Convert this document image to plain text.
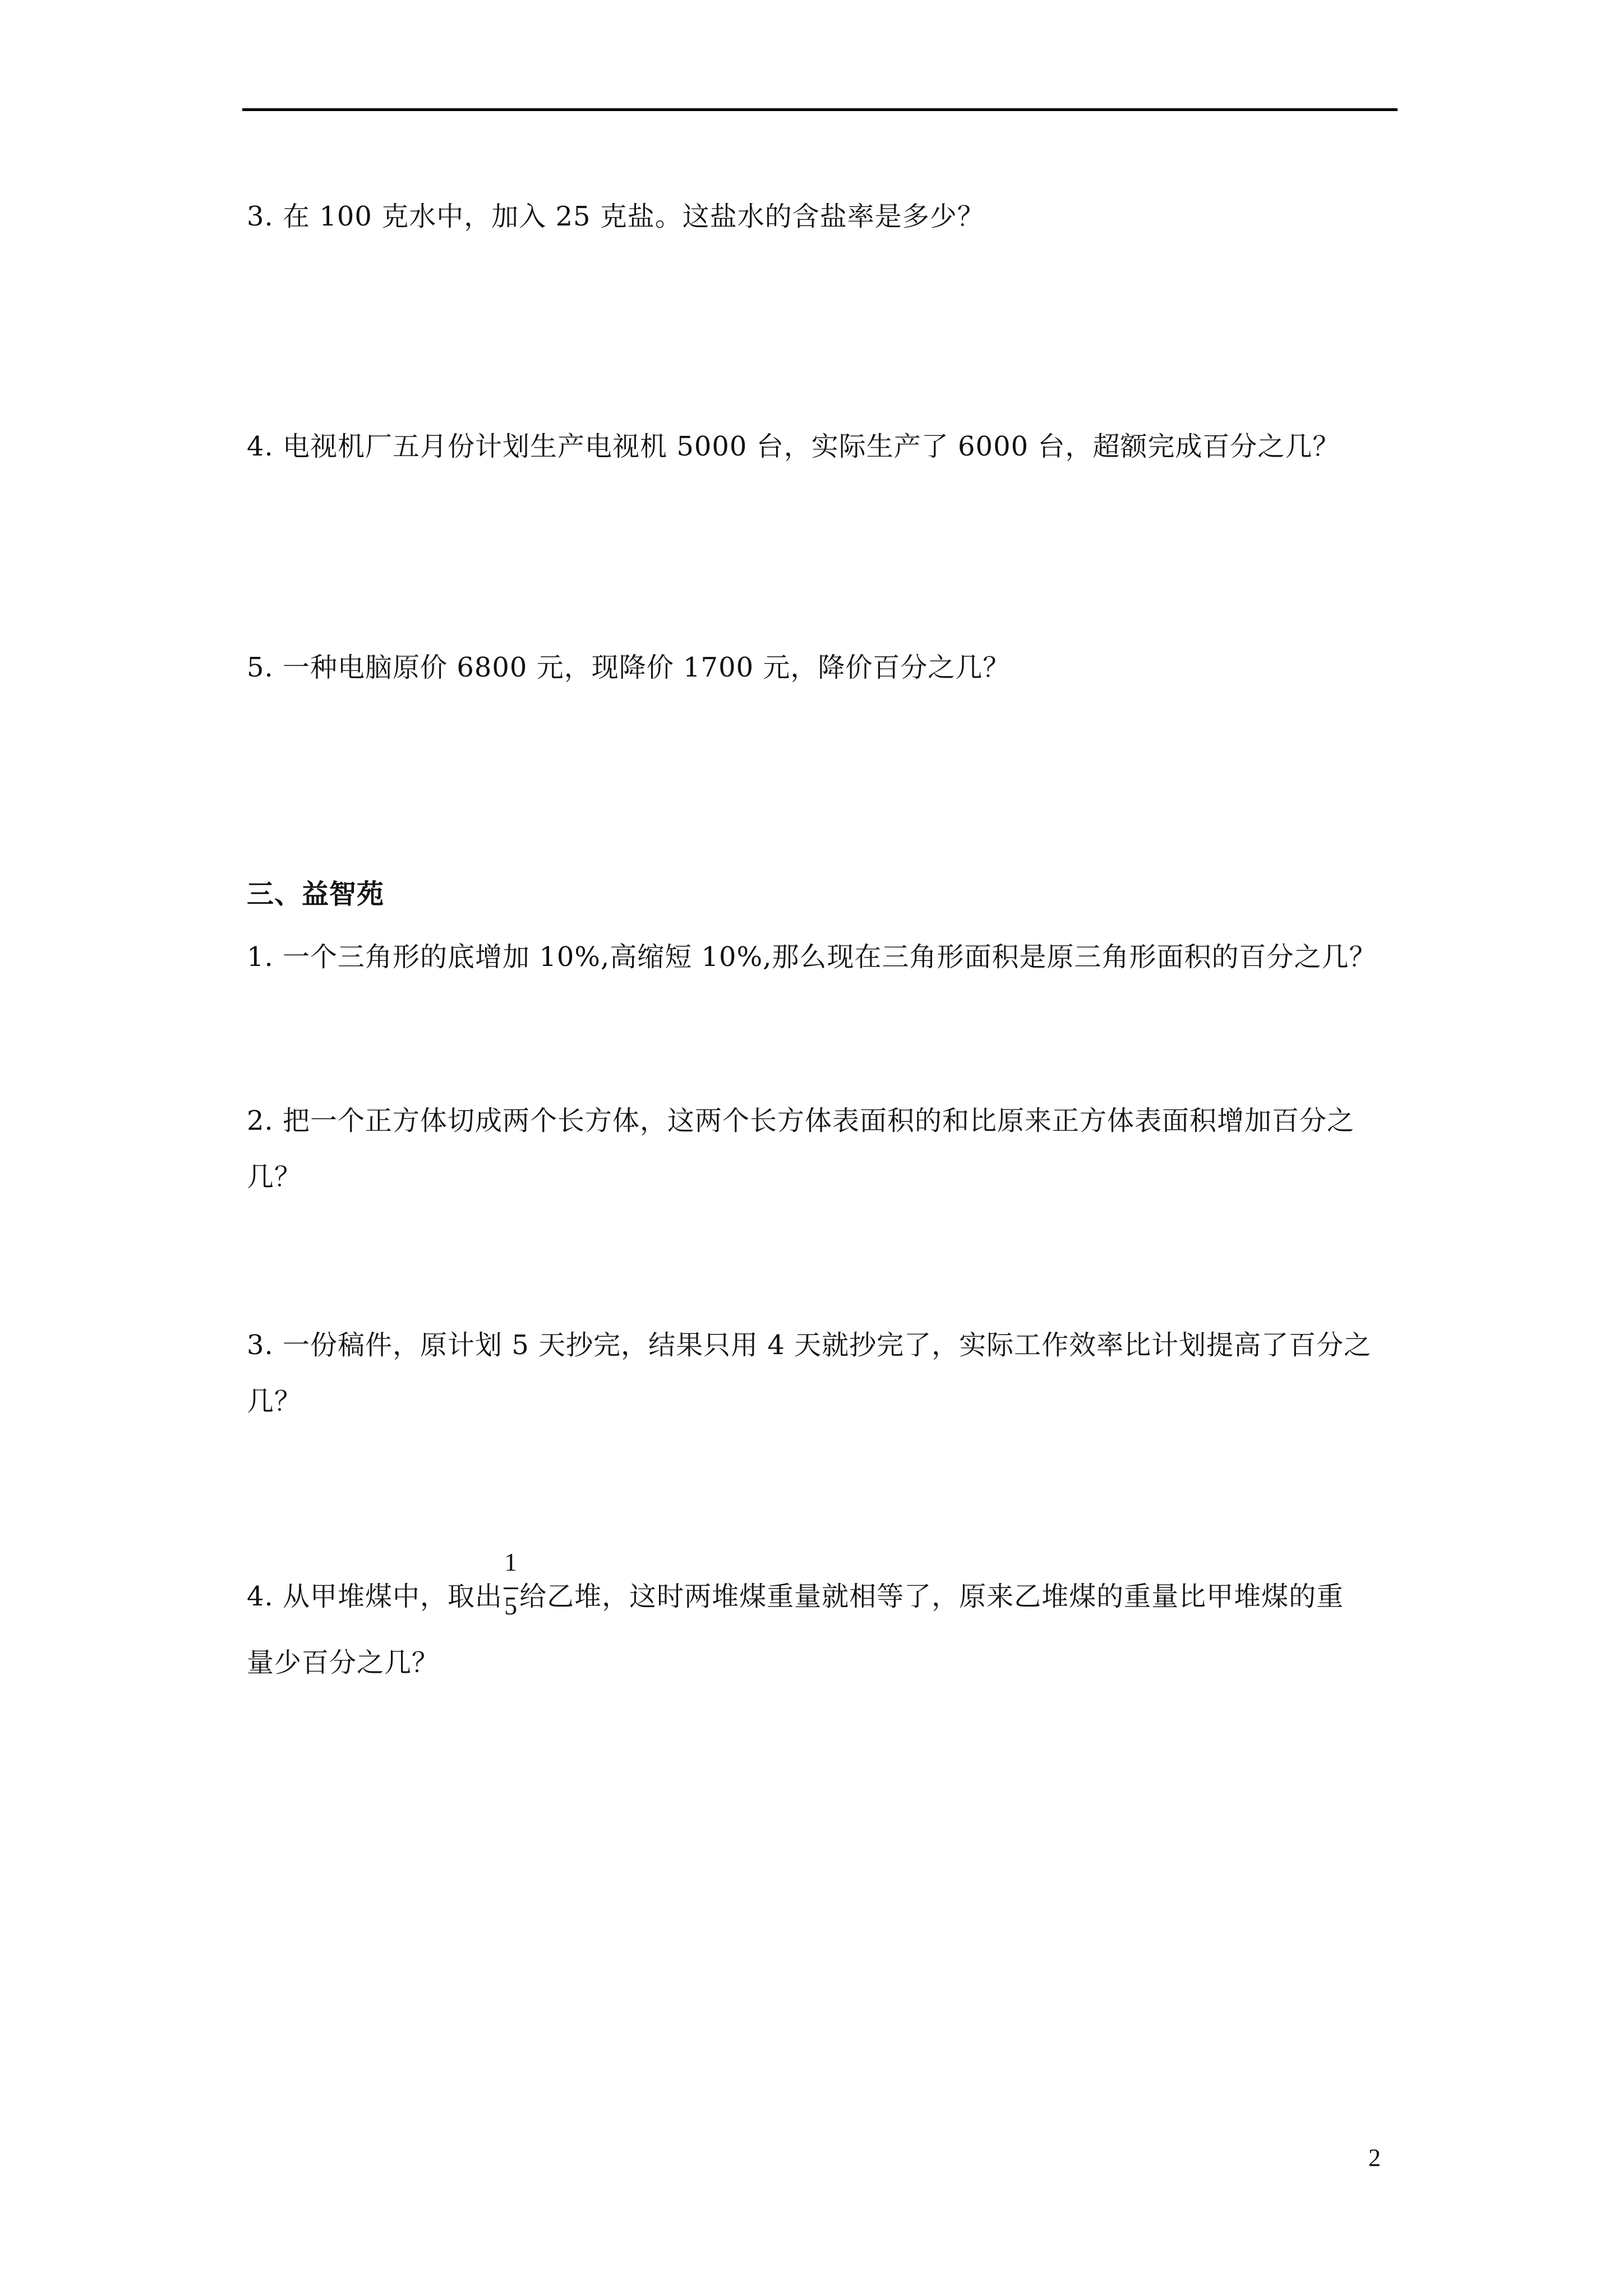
3. 在 100 克水中，加入 25 克盐。这盐水的含盐率是多少？
4. 电视机厂五月份计划生产电视机 5000 台，实际生产了 6000 台，超额完成百分之几？
5. 一种电脑原价 6800 元，现降价 1700 元，降价百分之几？
三、益智苑
1. 一个三角形的底增加 10%,高缩短 10%,那么现在三角形面积是原三角形面积的百分之几？
2. 把一个正方体切成两个长方体，这两个长方体表面积的和比原来正方体表面积增加百分之
几？
3. 一份稿件，原计划 5 天抄完，结果只用 4 天就抄完了，实际工作效率比计划提高了百分之
几？
4. 从甲堆煤中，取出 $\frac{1}{5}$ 给乙堆，这时两堆煤重量就相等了，原来乙堆煤的重量比甲堆煤的重
量少百分之几？
2
